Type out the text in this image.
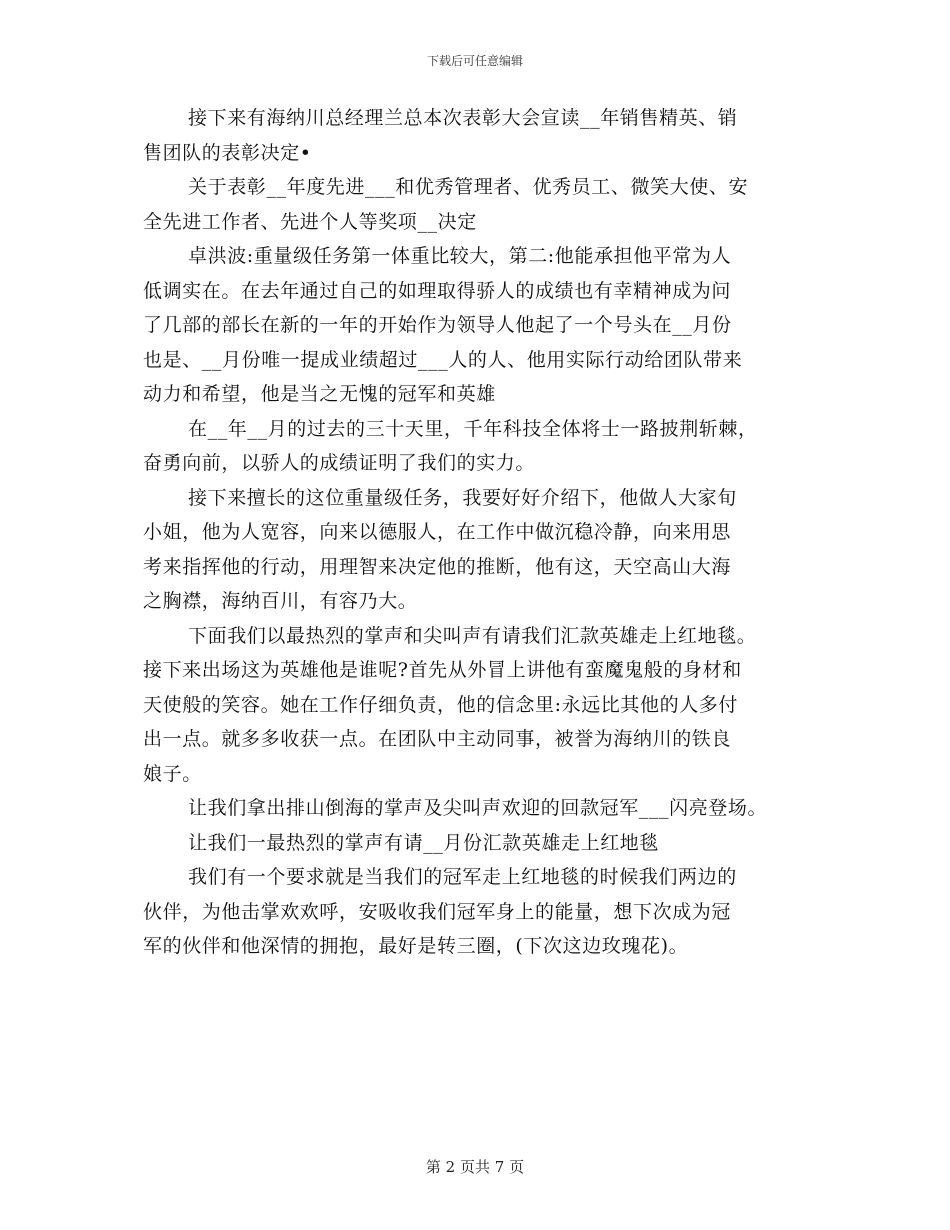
下载后可任意编辑
接下来有海纳川总经理兰总本次表彰大会宣读__年销售精英、销
售团队的表彰决定•
关于表彰__年度先进___和优秀管理者、优秀员工、微笑大使、安
全先进工作者、先进个人等奖项__决定
卓洪波:重量级任务第一体重比较大，第二:他能承担他平常为人
低调实在。在去年通过自己的如理取得骄人的成绩也有幸精神成为问
了几部的部长在新的一年的开始作为领导人他起了一个号头在__月份
也是、__月份唯一提成业绩超过___人的人、他用实际行动给团队带来
动力和希望，他是当之无愧的冠军和英雄
在__年__月的过去的三十天里，千年科技全体将士一路披荆斩棘，
奋勇向前，以骄人的成绩证明了我们的实力。
接下来擅长的这位重量级任务，我要好好介绍下，他做人大家旬
小姐，他为人宽容，向来以德服人，在工作中做沉稳冷静，向来用思
考来指挥他的行动，用理智来决定他的推断，他有这，天空高山大海
之胸襟，海纳百川，有容乃大。
下面我们以最热烈的掌声和尖叫声有请我们汇款英雄走上红地毯。
接下来出场这为英雄他是谁呢?首先从外冒上讲他有蛮魔鬼般的身材和
天使般的笑容。她在工作仔细负责，他的信念里:永远比其他的人多付
出一点。就多多收获一点。在团队中主动同事，被誉为海纳川的铁良
娘子。
让我们拿出排山倒海的掌声及尖叫声欢迎的回款冠军___闪亮登场。
让我们一最热烈的掌声有请__月份汇款英雄走上红地毯
我们有一个要求就是当我们的冠军走上红地毯的时候我们两边的
伙伴，为他击掌欢欢呼，安吸收我们冠军身上的能量，想下次成为冠
军的伙伴和他深情的拥抱，最好是转三圈，(下次这边玫瑰花)。
第 2 页共 7 页
